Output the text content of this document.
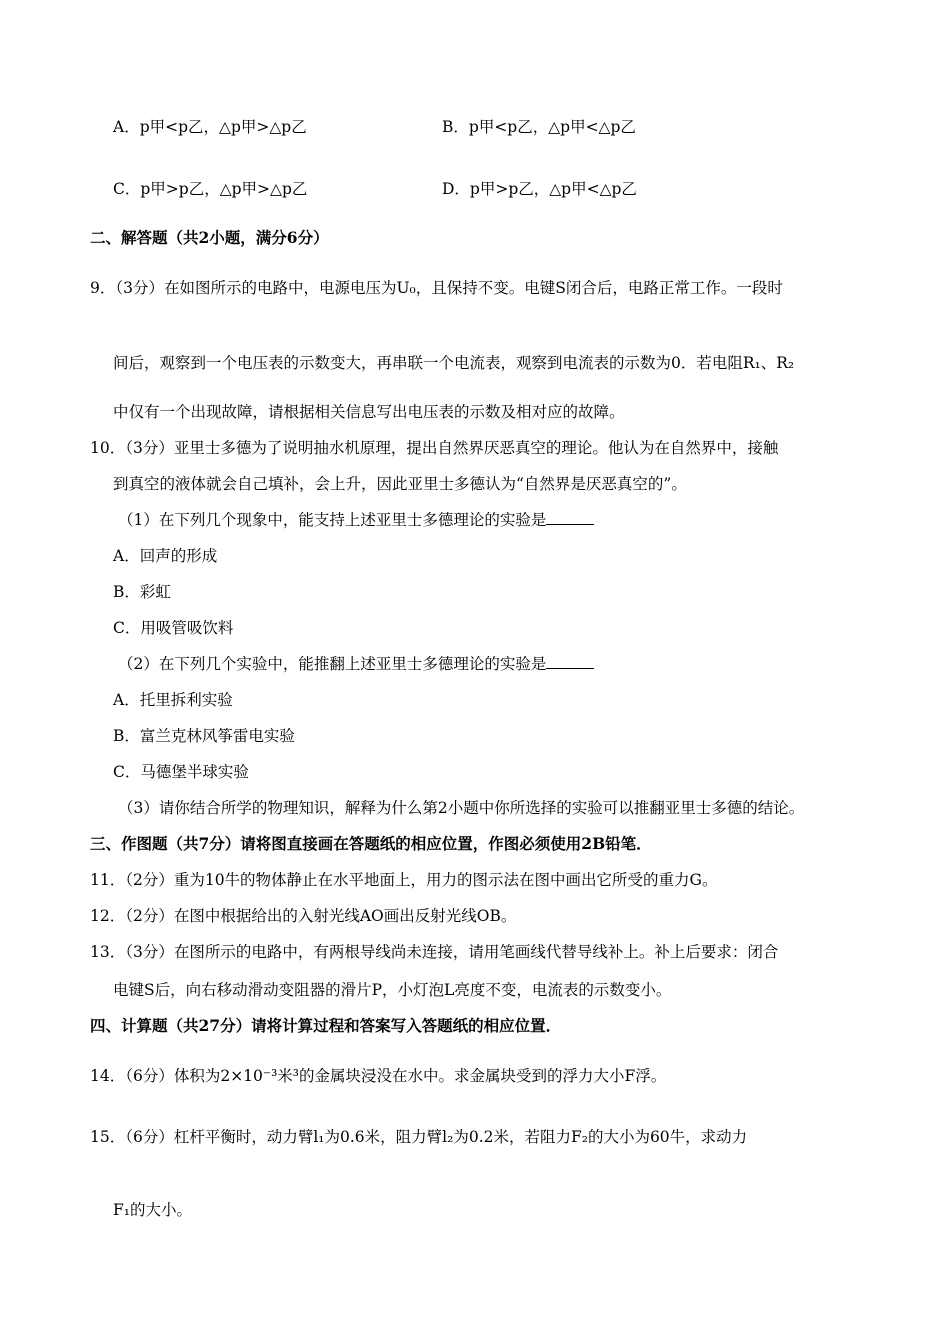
A．p甲<p乙，△p甲>△p乙	B．p甲<p乙，△p甲<△p乙
C．p甲>p乙，△p甲>△p乙	D．p甲>p乙，△p甲<△p乙
二、解答题（共2小题，满分6分）
9．（3分）在如图所示的电路中，电源电压为U₀，且保持不变。电键S闭合后，电路正常工作。一段时
间后，观察到一个电压表的示数变大，再串联一个电流表，观察到电流表的示数为0．若电阻R₁、R₂
中仅有一个出现故障，请根据相关信息写出电压表的示数及相对应的故障。
10．（3分）亚里士多德为了说明抽水机原理，提出自然界厌恶真空的理论。他认为在自然界中，接触
到真空的液体就会自己填补，会上升，因此亚里士多德认为“自然界是厌恶真空的”。
（1）在下列几个现象中，能支持上述亚里士多德理论的实验是
A．回声的形成
B．彩虹
C．用吸管吸饮料
（2）在下列几个实验中，能推翻上述亚里士多德理论的实验是
A．托里拆利实验
B．富兰克林风筝雷电实验
C．马德堡半球实验
（3）请你结合所学的物理知识，解释为什么第2小题中你所选择的实验可以推翻亚里士多德的结论。
三、作图题（共7分）请将图直接画在答题纸的相应位置，作图必须使用2B铅笔．
11．（2分）重为10牛的物体静止在水平地面上，用力的图示法在图中画出它所受的重力G。
12．（2分）在图中根据给出的入射光线AO画出反射光线OB。
13．（3分）在图所示的电路中，有两根导线尚未连接，请用笔画线代替导线补上。补上后要求：闭合
电键S后，向右移动滑动变阻器的滑片P，小灯泡L亮度不变，电流表的示数变小。
四、计算题（共27分）请将计算过程和答案写入答题纸的相应位置．
14．（6分）体积为2×10⁻³米³的金属块浸没在水中。求金属块受到的浮力大小F浮。
15．（6分）杠杆平衡时，动力臂l₁为0.6米，阻力臂l₂为0.2米，若阻力F₂的大小为60牛，求动力
F₁的大小。
